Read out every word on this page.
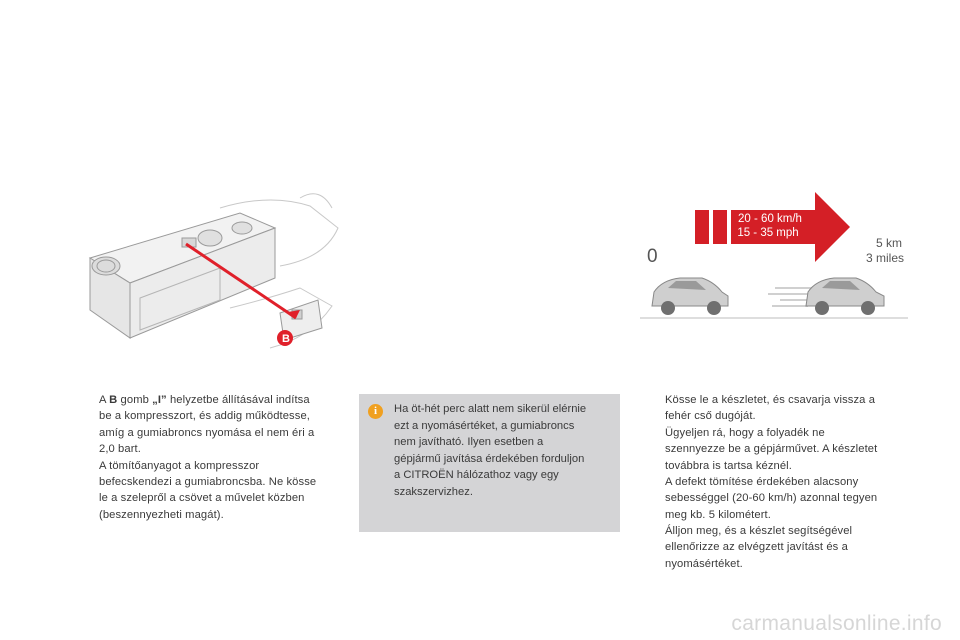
B
0
20 - 60 km/h
15 - 35 mph
5 km
3 miles

A B gomb „I” helyzetbe állításával indítsa

be a kompresszort, és addig működtesse,

amíg a gumiabroncs nyomása el nem éri a

2,0 bart.

A tömítőanyagot a kompresszor

befecskendezi a gumiabroncsba. Ne kösse

le a szelepről a csövet a művelet közben

(beszennyezheti magát).

i	Ha öt-hét perc alatt nem sikerül elérnie
ezt a nyomásértéket, a gumiabroncs
nem javítható. Ilyen esetben a
gépjármű javítása érdekében forduljon
a CITROËN hálózathoz vagy egy
szakszervizhez.

Kösse le a készletet, és csavarja vissza a

fehér cső dugóját.

Ügyeljen rá, hogy a folyadék ne

szennyezze be a gépjárművet. A készletet

továbbra is tartsa kéznél.

A defekt tömítése érdekében alacsony

sebességgel (20-60 km/h) azonnal tegyen

meg kb. 5 kilométert.

Álljon meg, és a készlet segítségével

ellenőrizze az elvégzett javítást és a

nyomásértéket.

carmanualsonline.info
